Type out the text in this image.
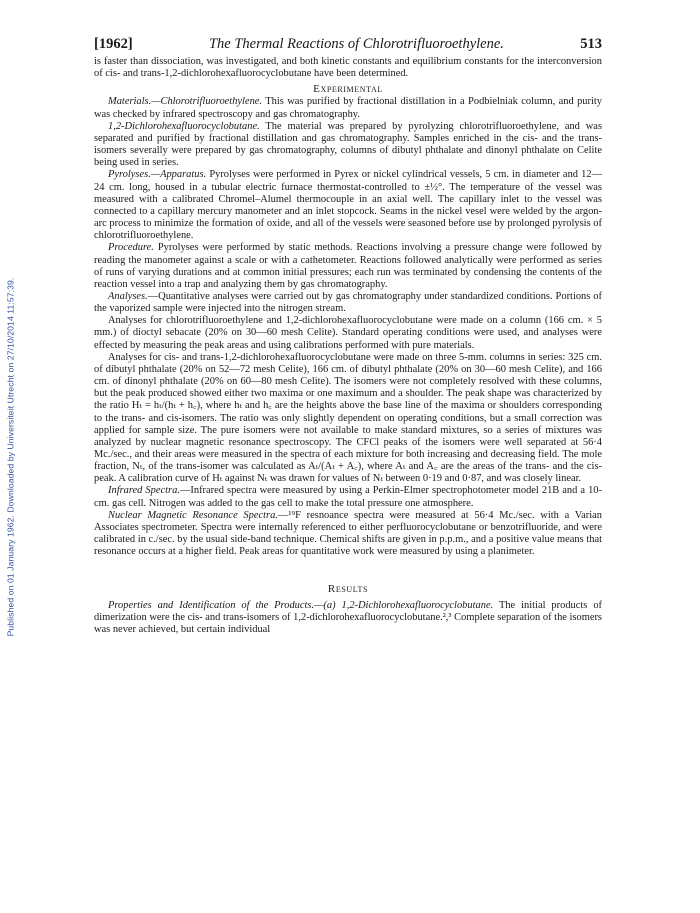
Published on 01 January 1962. Downloaded by Universiteit Utrecht on 27/10/2014 11:57:39.
[1962]	The Thermal Reactions of Chlorotrifluoroethylene.	513

is faster than dissociation, was investigated, and both kinetic constants and equilibrium constants for the interconversion of cis- and trans-1,2-dichlorohexafluorocyclobutane have been determined.

Experimental

Materials.—Chlorotrifluoroethylene. This was purified by fractional distillation in a Podbielniak column, and purity was checked by infrared spectroscopy and gas chromatography.

1,2-Dichlorohexafluorocyclobutane. The material was prepared by pyrolyzing chlorotrifluoroethylene, and was separated and purified by fractional distillation and gas chromatography. Samples enriched in the cis- and the trans-isomers severally were prepared by gas chromatography, columns of dibutyl phthalate and dinonyl phthalate on Celite being used in series.

Pyrolyses.—Apparatus. Pyrolyses were performed in Pyrex or nickel cylindrical vessels, 5 cm. in diameter and 12—24 cm. long, housed in a tubular electric furnace thermostat-controlled to ±½°. The temperature of the vessel was measured with a calibrated Chromel–Alumel thermocouple in an axial well. The capillary inlet to the vessel was connected to a capillary mercury manometer and an inlet stopcock. Seams in the nickel vesel were welded by the argon-arc process to minimize the formation of oxide, and all of the vessels were seasoned before use by prolonged pyrolysis of chlorotrifluoroethylene.

Procedure. Pyrolyses were performed by static methods. Reactions involving a pressure change were followed by reading the manometer against a scale or with a cathetometer. Reactions followed analytically were performed as series of runs of varying durations and at common initial pressures; each run was terminated by condensing the contents of the reaction vessel into a trap and analyzing them by gas chromatography.

Analyses.—Quantitative analyses were carried out by gas chromatography under standardized conditions. Portions of the vaporized sample were injected into the nitrogen stream.

Analyses for chlorotrifluoroethylene and 1,2-dichlorohexafluorocyclobutane were made on a column (166 cm. × 5 mm.) of dioctyl sebacate (20% on 30—60 mesh Celite). Standard operating conditions were used, and analyses were effected by measuring the peak areas and using calibrations performed with pure materials.

Analyses for cis- and trans-1,2-dichlorohexafluorocyclobutane were made on three 5-mm. columns in series: 325 cm. of dibutyl phthalate (20% on 52—72 mesh Celite), 166 cm. of dibutyl phthalate (20% on 30—60 mesh Celite), and 166 cm. of dinonyl phthalate (20% on 60—80 mesh Celite). The isomers were not completely resolved with these columns, but the peak produced showed either two maxima or one maximum and a shoulder. The peak shape was characterized by the ratio Hₜ = hₜ/(hₜ + h꜀), where hₜ and h꜀ are the heights above the base line of the maxima or shoulders corresponding to the trans- and cis-isomers. The ratio was only slightly dependent on operating conditions, but a small correction was applied for sample size. The pure isomers were not available to make standard mixtures, so a series of mixtures was analyzed by nuclear magnetic resonance spectroscopy. The CFCl peaks of the isomers were well separated at 56·4 Mc./sec., and their areas were measured in the spectra of each mixture for both increasing and decreasing field. The mole fraction, Nₜ, of the trans-isomer was calculated as Aₜ/(Aₜ + A꜀), where Aₜ and A꜀ are the areas of the trans- and the cis-peak. A calibration curve of Hₜ against Nₜ was drawn for values of Nₜ between 0·19 and 0·87, and was closely linear.

Infrared Spectra.—Infrared spectra were measured by using a Perkin-Elmer spectrophotometer model 21B and a 10-cm. gas cell. Nitrogen was added to the gas cell to make the total pressure one atmosphere.

Nuclear Magnetic Resonance Spectra.—¹⁹F resnoance spectra were measured at 56·4 Mc./sec. with a Varian Associates spectrometer. Spectra were internally referenced to either perfluorocyclobutane or benzotrifluoride, and were calibrated in c./sec. by the usual side-band technique. Chemical shifts are given in p.p.m., and a positive value means that resonance occurs at a higher field. Peak areas for quantitative work were measured by using a planimeter.

Results

Properties and Identification of the Products.—(a) 1,2-Dichlorohexafluorocyclobutane. The initial products of dimerization were the cis- and trans-isomers of 1,2-dichlorohexafluorocyclobutane.²,³ Complete separation of the isomers was never achieved, but certain individual
